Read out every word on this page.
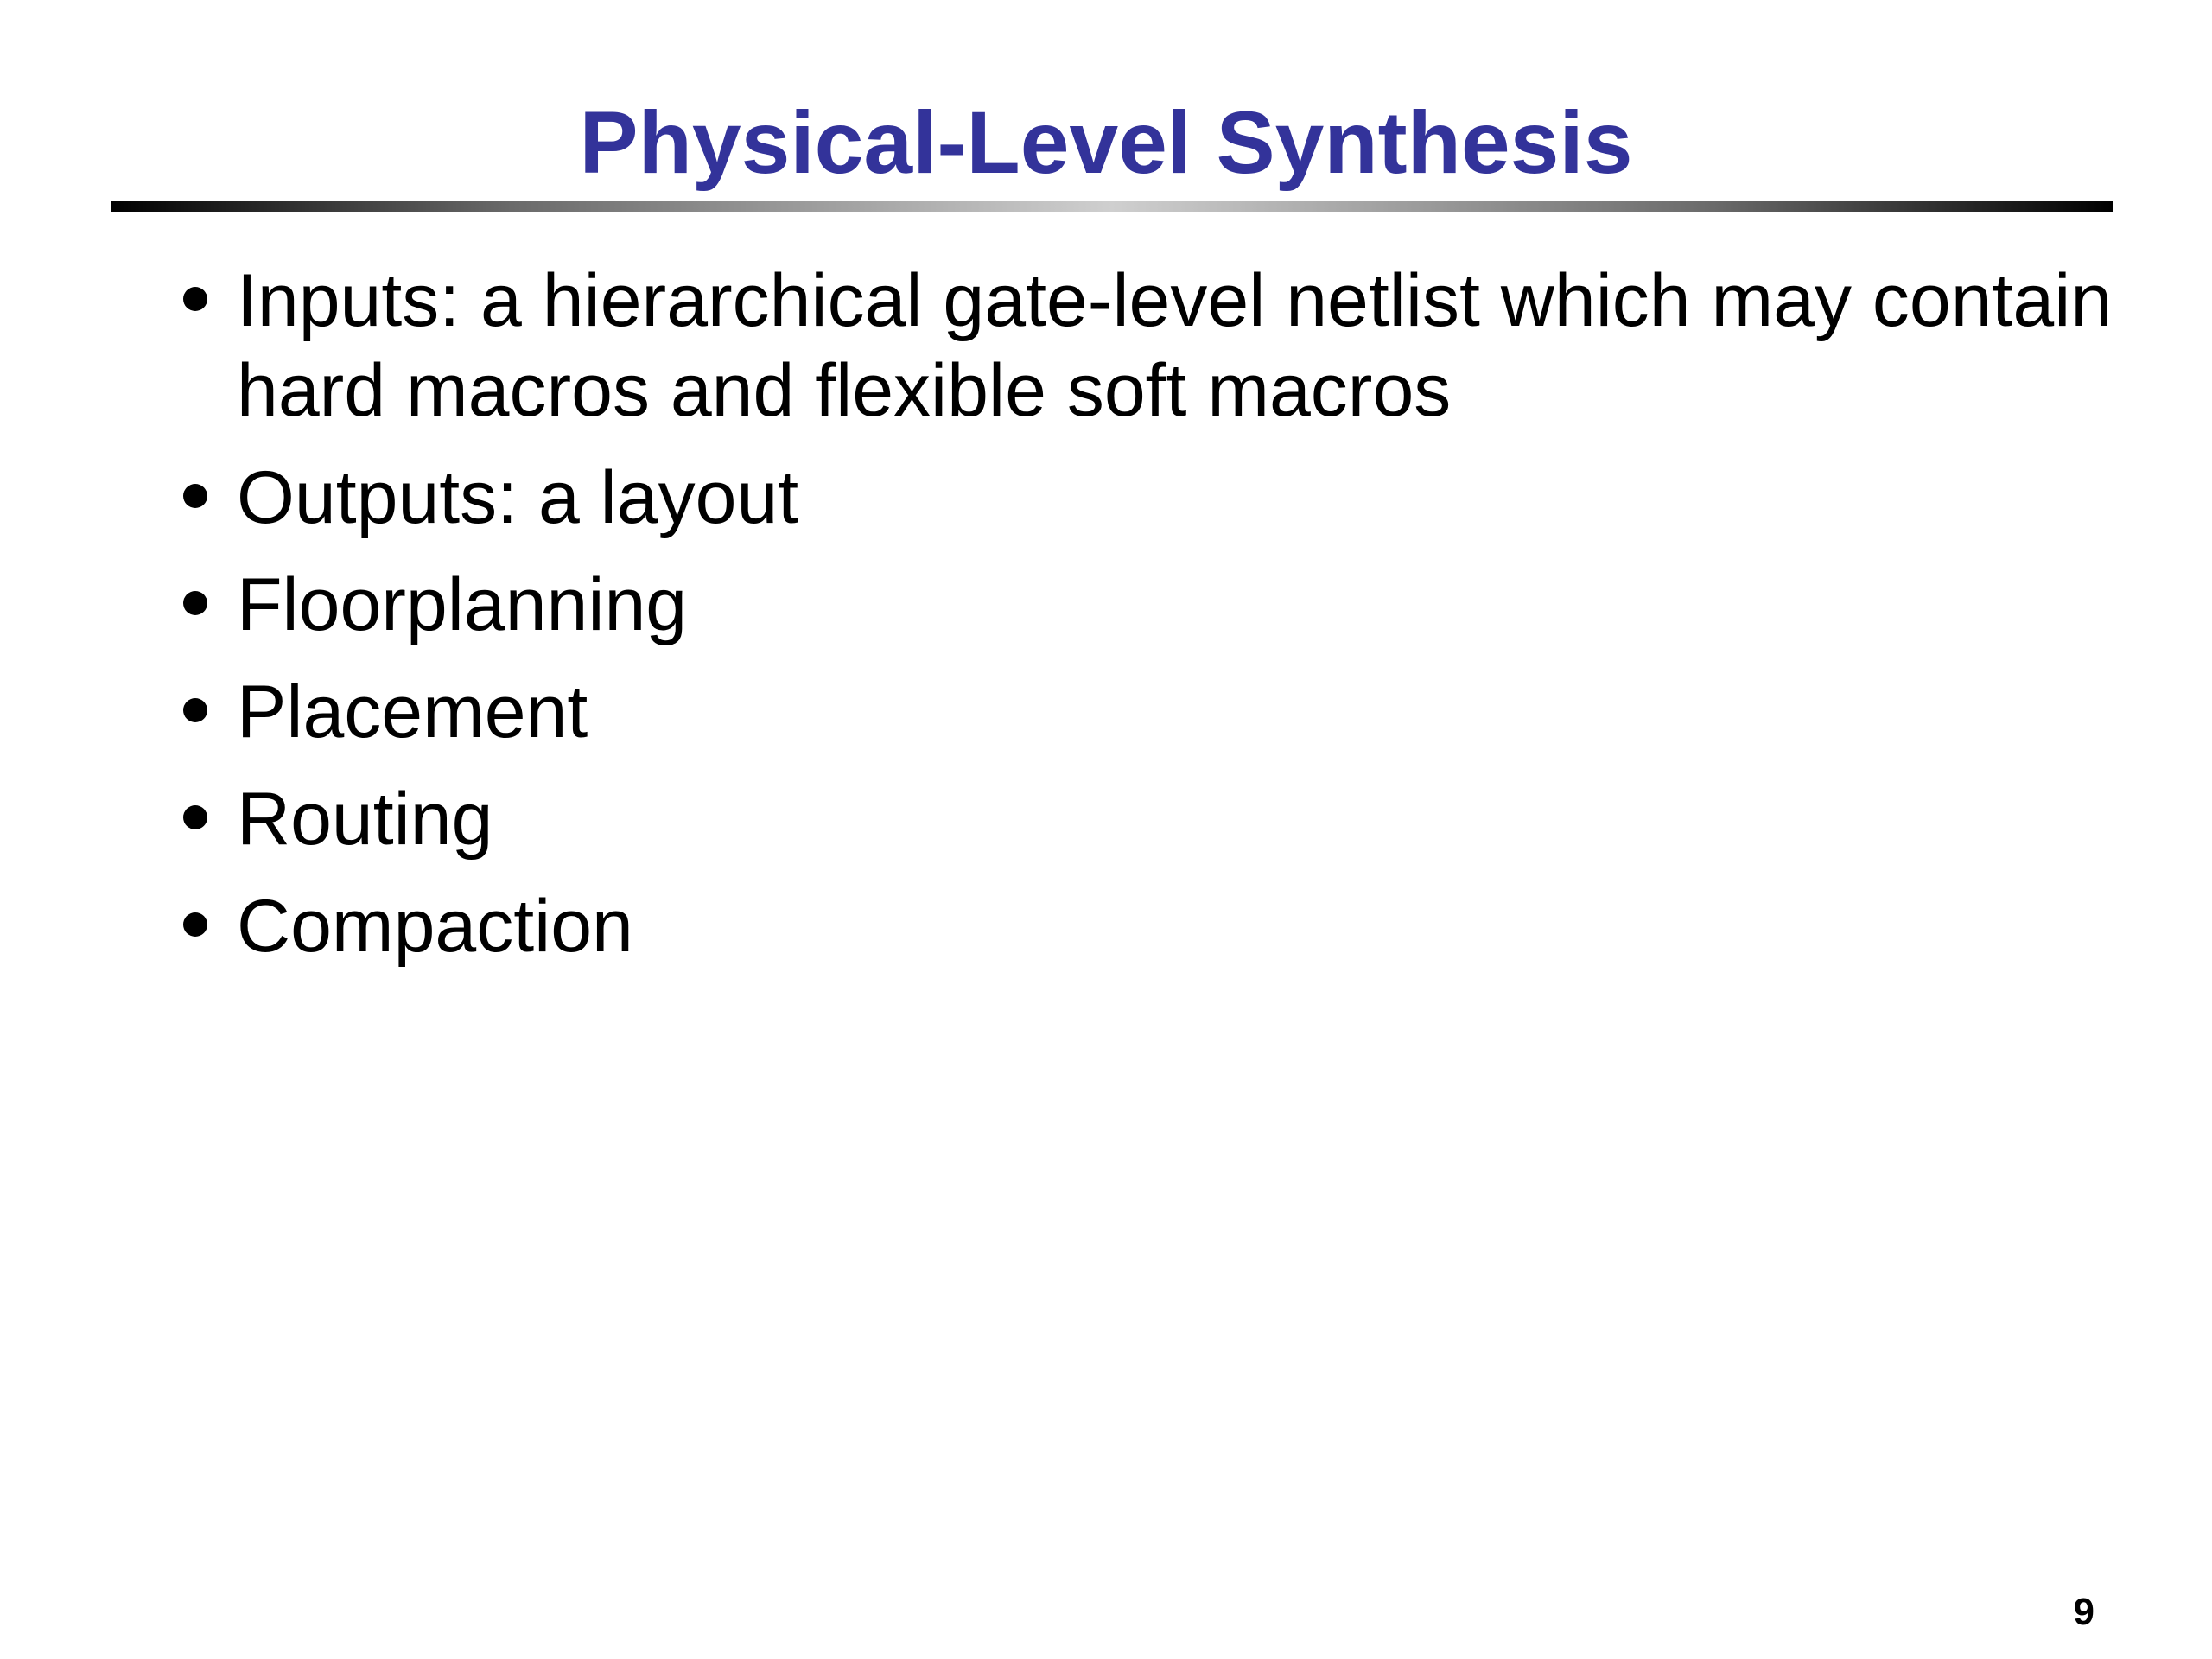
Physical-Level Synthesis
Inputs: a hierarchical gate-level netlist which may contain hard macros and flexible soft macros
Outputs: a layout
Floorplanning
Placement
Routing
Compaction
9
